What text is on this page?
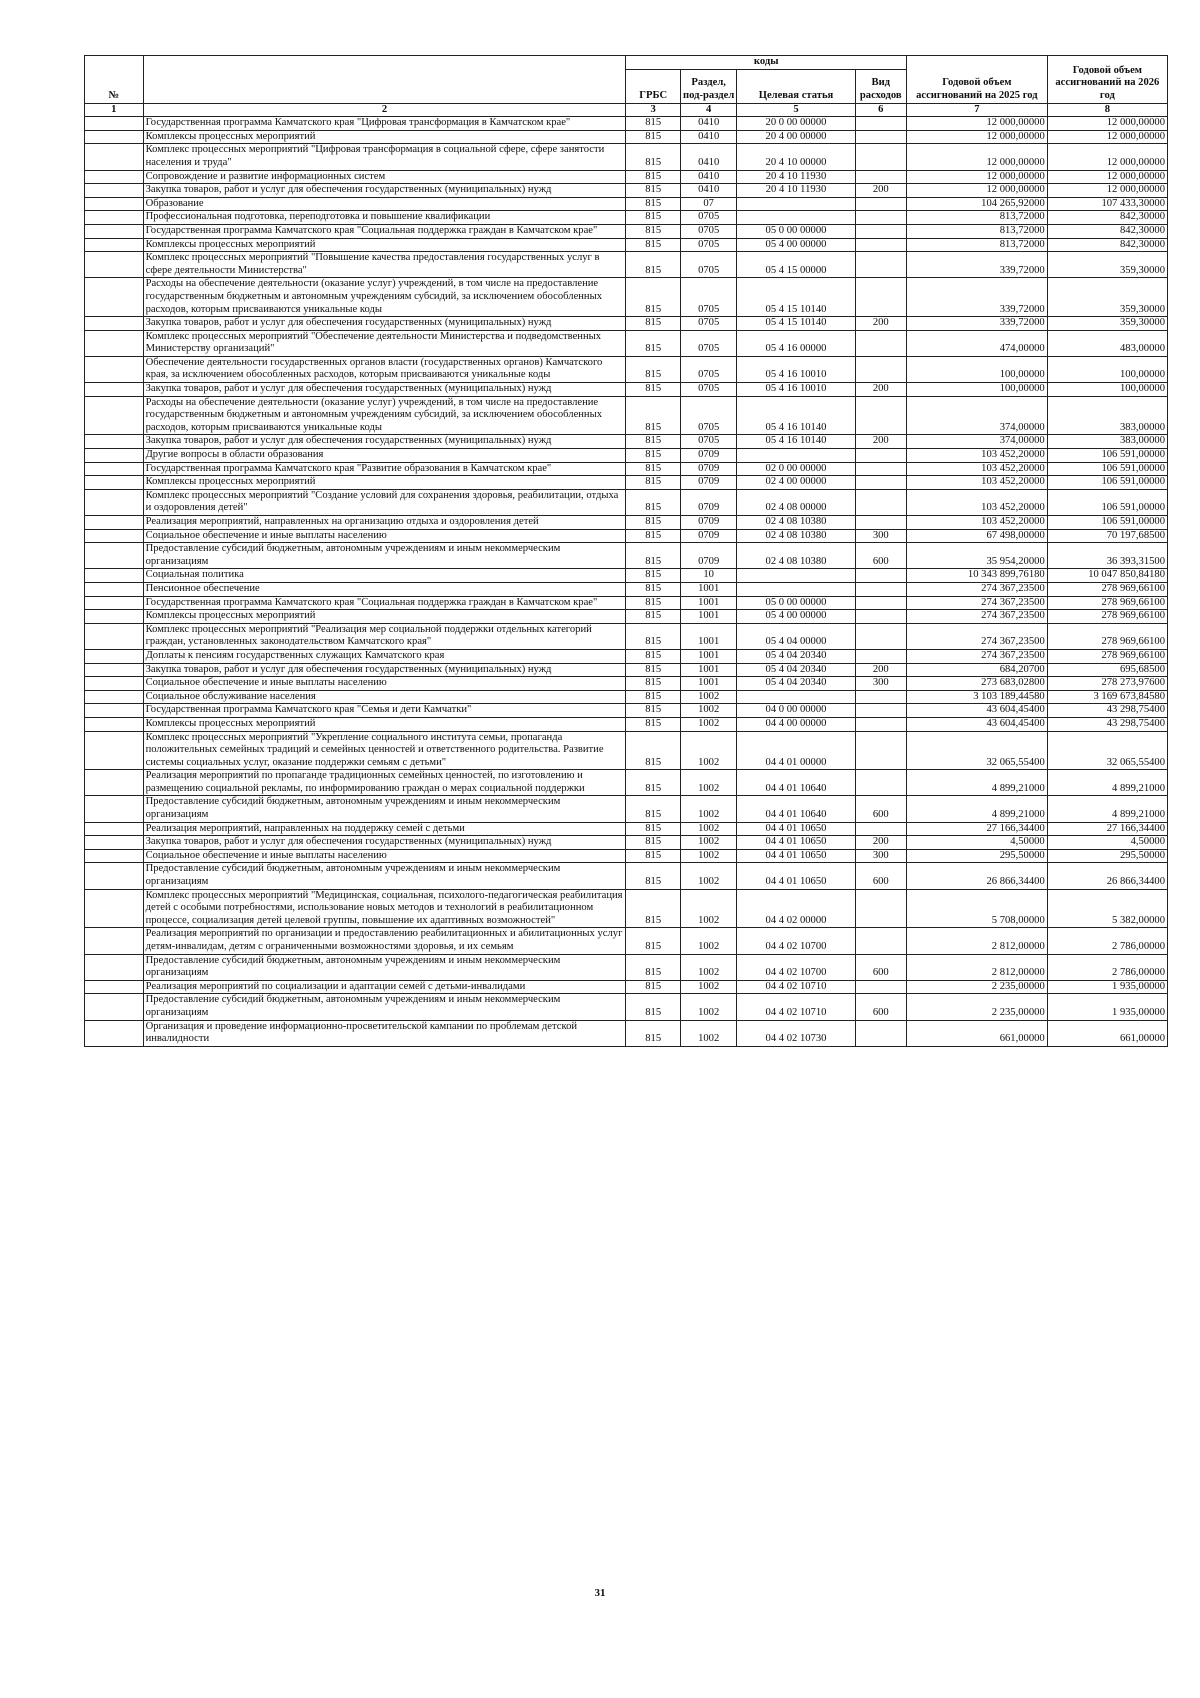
№		коды				Годовой объем ассигнований на 2025 год	Годовой объем ассигнований на 2026 год
		ГРБС	Раздел, под-раздел	Целевая статья	Вид расходов		
1	2	3	4	5	6	7	8
	Государственная программа Камчатского края "Цифровая трансформация в Камчатском крае"	815	0410	20 0 00 00000		12 000,00000	12 000,00000
	Комплексы процессных мероприятий	815	0410	20 4 00 00000		12 000,00000	12 000,00000
	Комплекс процессных мероприятий "Цифровая трансформация в социальной сфере, сфере занятости населения и труда"	815	0410	20 4 10 00000		12 000,00000	12 000,00000
	Сопровождение и развитие информационных систем	815	0410	20 4 10 11930		12 000,00000	12 000,00000
	Закупка товаров, работ и услуг для обеспечения государственных (муниципальных) нужд	815	0410	20 4 10 11930	200	12 000,00000	12 000,00000
	Образование	815	07			104 265,92000	107 433,30000
	Профессиональная подготовка, переподготовка и повышение квалификации	815	0705			813,72000	842,30000
	Государственная программа Камчатского края "Социальная поддержка граждан в Камчатском крае"	815	0705	05 0 00 00000		813,72000	842,30000
	Комплексы процессных мероприятий	815	0705	05 4 00 00000		813,72000	842,30000
	Комплекс процессных мероприятий "Повышение качества предоставления государственных услуг в сфере деятельности Министерства"	815	0705	05 4 15 00000		339,72000	359,30000
	Расходы на обеспечение деятельности (оказание услуг) учреждений, в том числе на предоставление государственным бюджетным и автономным учреждениям субсидий, за исключением обособленных расходов, которым присваиваются уникальные коды	815	0705	05 4 15 10140		339,72000	359,30000
	Закупка товаров, работ и услуг для обеспечения государственных (муниципальных) нужд	815	0705	05 4 15 10140	200	339,72000	359,30000
	Комплекс процессных мероприятий "Обеспечение деятельности Министерства и подведомственных Министерству организаций"	815	0705	05 4 16 00000		474,00000	483,00000
	Обеспечение деятельности государственных органов власти (государственных органов) Камчатского края, за исключением обособленных расходов, которым присваиваются уникальные коды	815	0705	05 4 16 10010		100,00000	100,00000
	Закупка товаров, работ и услуг для обеспечения государственных (муниципальных) нужд	815	0705	05 4 16 10010	200	100,00000	100,00000
	Расходы на обеспечение деятельности (оказание услуг) учреждений, в том числе на предоставление государственным бюджетным и автономным учреждениям субсидий, за исключением обособленных расходов, которым присваиваются уникальные коды	815	0705	05 4 16 10140		374,00000	383,00000
	Закупка товаров, работ и услуг для обеспечения государственных (муниципальных) нужд	815	0705	05 4 16 10140	200	374,00000	383,00000
	Другие вопросы в области образования	815	0709			103 452,20000	106 591,00000
	Государственная программа Камчатского края "Развитие образования в Камчатском крае"	815	0709	02 0 00 00000		103 452,20000	106 591,00000
	Комплексы процессных мероприятий	815	0709	02 4 00 00000		103 452,20000	106 591,00000
	Комплекс процессных мероприятий "Создание условий для сохранения здоровья, реабилитации, отдыха и оздоровления детей"	815	0709	02 4 08 00000		103 452,20000	106 591,00000
	Реализация мероприятий, направленных на организацию отдыха и оздоровления детей	815	0709	02 4 08 10380		103 452,20000	106 591,00000
	Социальное обеспечение и иные выплаты населению	815	0709	02 4 08 10380	300	67 498,00000	70 197,68500
	Предоставление субсидий бюджетным, автономным учреждениям и иным некоммерческим организациям	815	0709	02 4 08 10380	600	35 954,20000	36 393,31500
	Социальная политика	815	10			10 343 899,76180	10 047 850,84180
	Пенсионное обеспечение	815	1001			274 367,23500	278 969,66100
	Государственная программа Камчатского края "Социальная поддержка граждан в Камчатском крае"	815	1001	05 0 00 00000		274 367,23500	278 969,66100
	Комплексы процессных мероприятий	815	1001	05 4 00 00000		274 367,23500	278 969,66100
	Комплекс процессных мероприятий "Реализация мер социальной поддержки отдельных категорий граждан, установленных законодательством Камчатского края"	815	1001	05 4 04 00000		274 367,23500	278 969,66100
	Доплаты к пенсиям государственных служащих Камчатского края	815	1001	05 4 04 20340		274 367,23500	278 969,66100
	Закупка товаров, работ и услуг для обеспечения государственных (муниципальных) нужд	815	1001	05 4 04 20340	200	684,20700	695,68500
	Социальное обеспечение и иные выплаты населению	815	1001	05 4 04 20340	300	273 683,02800	278 273,97600
	Социальное обслуживание населения	815	1002			3 103 189,44580	3 169 673,84580
	Государственная программа Камчатского края "Семья и дети Камчатки"	815	1002	04 0 00 00000		43 604,45400	43 298,75400
	Комплексы процессных мероприятий	815	1002	04 4 00 00000		43 604,45400	43 298,75400
	Комплекс процессных мероприятий "Укрепление социального института семьи, пропаганда положительных семейных традиций и семейных ценностей и ответственного родительства. Развитие системы социальных услуг, оказание поддержки семьям с детьми"	815	1002	04 4 01 00000		32 065,55400	32 065,55400
	Реализация мероприятий по пропаганде традиционных семейных ценностей, по изготовлению и размещению социальной рекламы, по информированию граждан о мерах социальной поддержки	815	1002	04 4 01 10640		4 899,21000	4 899,21000
	Предоставление субсидий бюджетным, автономным учреждениям и иным некоммерческим организациям	815	1002	04 4 01 10640	600	4 899,21000	4 899,21000
	Реализация мероприятий, направленных на поддержку семей с детьми	815	1002	04 4 01 10650		27 166,34400	27 166,34400
	Закупка товаров, работ и услуг для обеспечения государственных (муниципальных) нужд	815	1002	04 4 01 10650	200	4,50000	4,50000
	Социальное обеспечение и иные выплаты населению	815	1002	04 4 01 10650	300	295,50000	295,50000
	Предоставление субсидий бюджетным, автономным учреждениям и иным некоммерческим организациям	815	1002	04 4 01 10650	600	26 866,34400	26 866,34400
	Комплекс процессных мероприятий "Медицинская, социальная, психолого-педагогическая реабилитация детей с особыми потребностями, использование новых методов и технологий в реабилитационном процессе, социализация детей целевой группы, повышение их адаптивных возможностей"	815	1002	04 4 02 00000		5 708,00000	5 382,00000
	Реализация мероприятий по организации и предоставлению реабилитационных и абилитационных услуг детям-инвалидам, детям с ограниченными возможностями здоровья, и их семьям	815	1002	04 4 02 10700		2 812,00000	2 786,00000
	Предоставление субсидий бюджетным, автономным учреждениям и иным некоммерческим организациям	815	1002	04 4 02 10700	600	2 812,00000	2 786,00000
	Реализация мероприятий по социализации и адаптации семей с детьми-инвалидами	815	1002	04 4 02 10710		2 235,00000	1 935,00000
	Предоставление субсидий бюджетным, автономным учреждениям и иным некоммерческим организациям	815	1002	04 4 02 10710	600	2 235,00000	1 935,00000
	Организация и проведение информационно-просветительской кампании по проблемам детской инвалидности	815	1002	04 4 02 10730		661,00000	661,00000
31
